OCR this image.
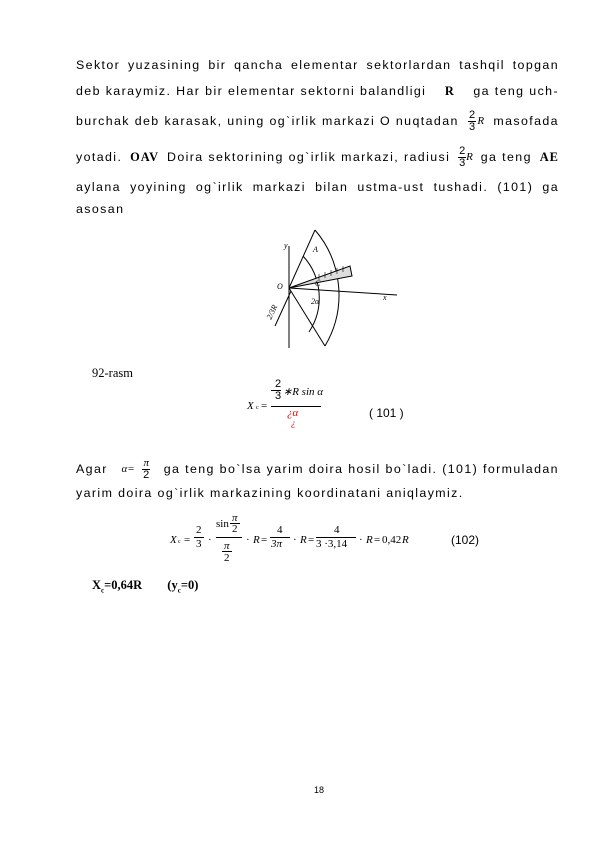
Sektor yuzasining bir qancha elementar sektorlardan tashqil topgan
deb karaymiz. Har bir elementar sektorni balandligi R ga teng uch-
burchak deb karasak, uning og`irlik markazi O nuqtadan $\frac{2}{3}$ R masofada
yotadi. OAV Doira sektorining og`irlik markazi, radiusi $\frac{2}{3}$ R ga teng AE
aylana yoyining og`irlik markazi bilan ustma-ust tushadi. (101) ga
asosan
y	A
C
O
x
2α
2/3R
92-rasm
X c =
2
3 ∗R sin α
¿α
¿
( 101 )
Agar $\alpha= \frac{\pi}{2}$ ga teng bo`lsa yarim doira hosil bo`ladi. (101) formuladan
yarim doira og`irlik markazining koordinatani aniqlaymiz.
X c =
2
3 ·
sin π
2
π
2
· R =
4
3π · R =
4
3 ·3,14 · R = 0,42 R	(102)
$X_c=0,64R$ $(y_c=0)$
18
